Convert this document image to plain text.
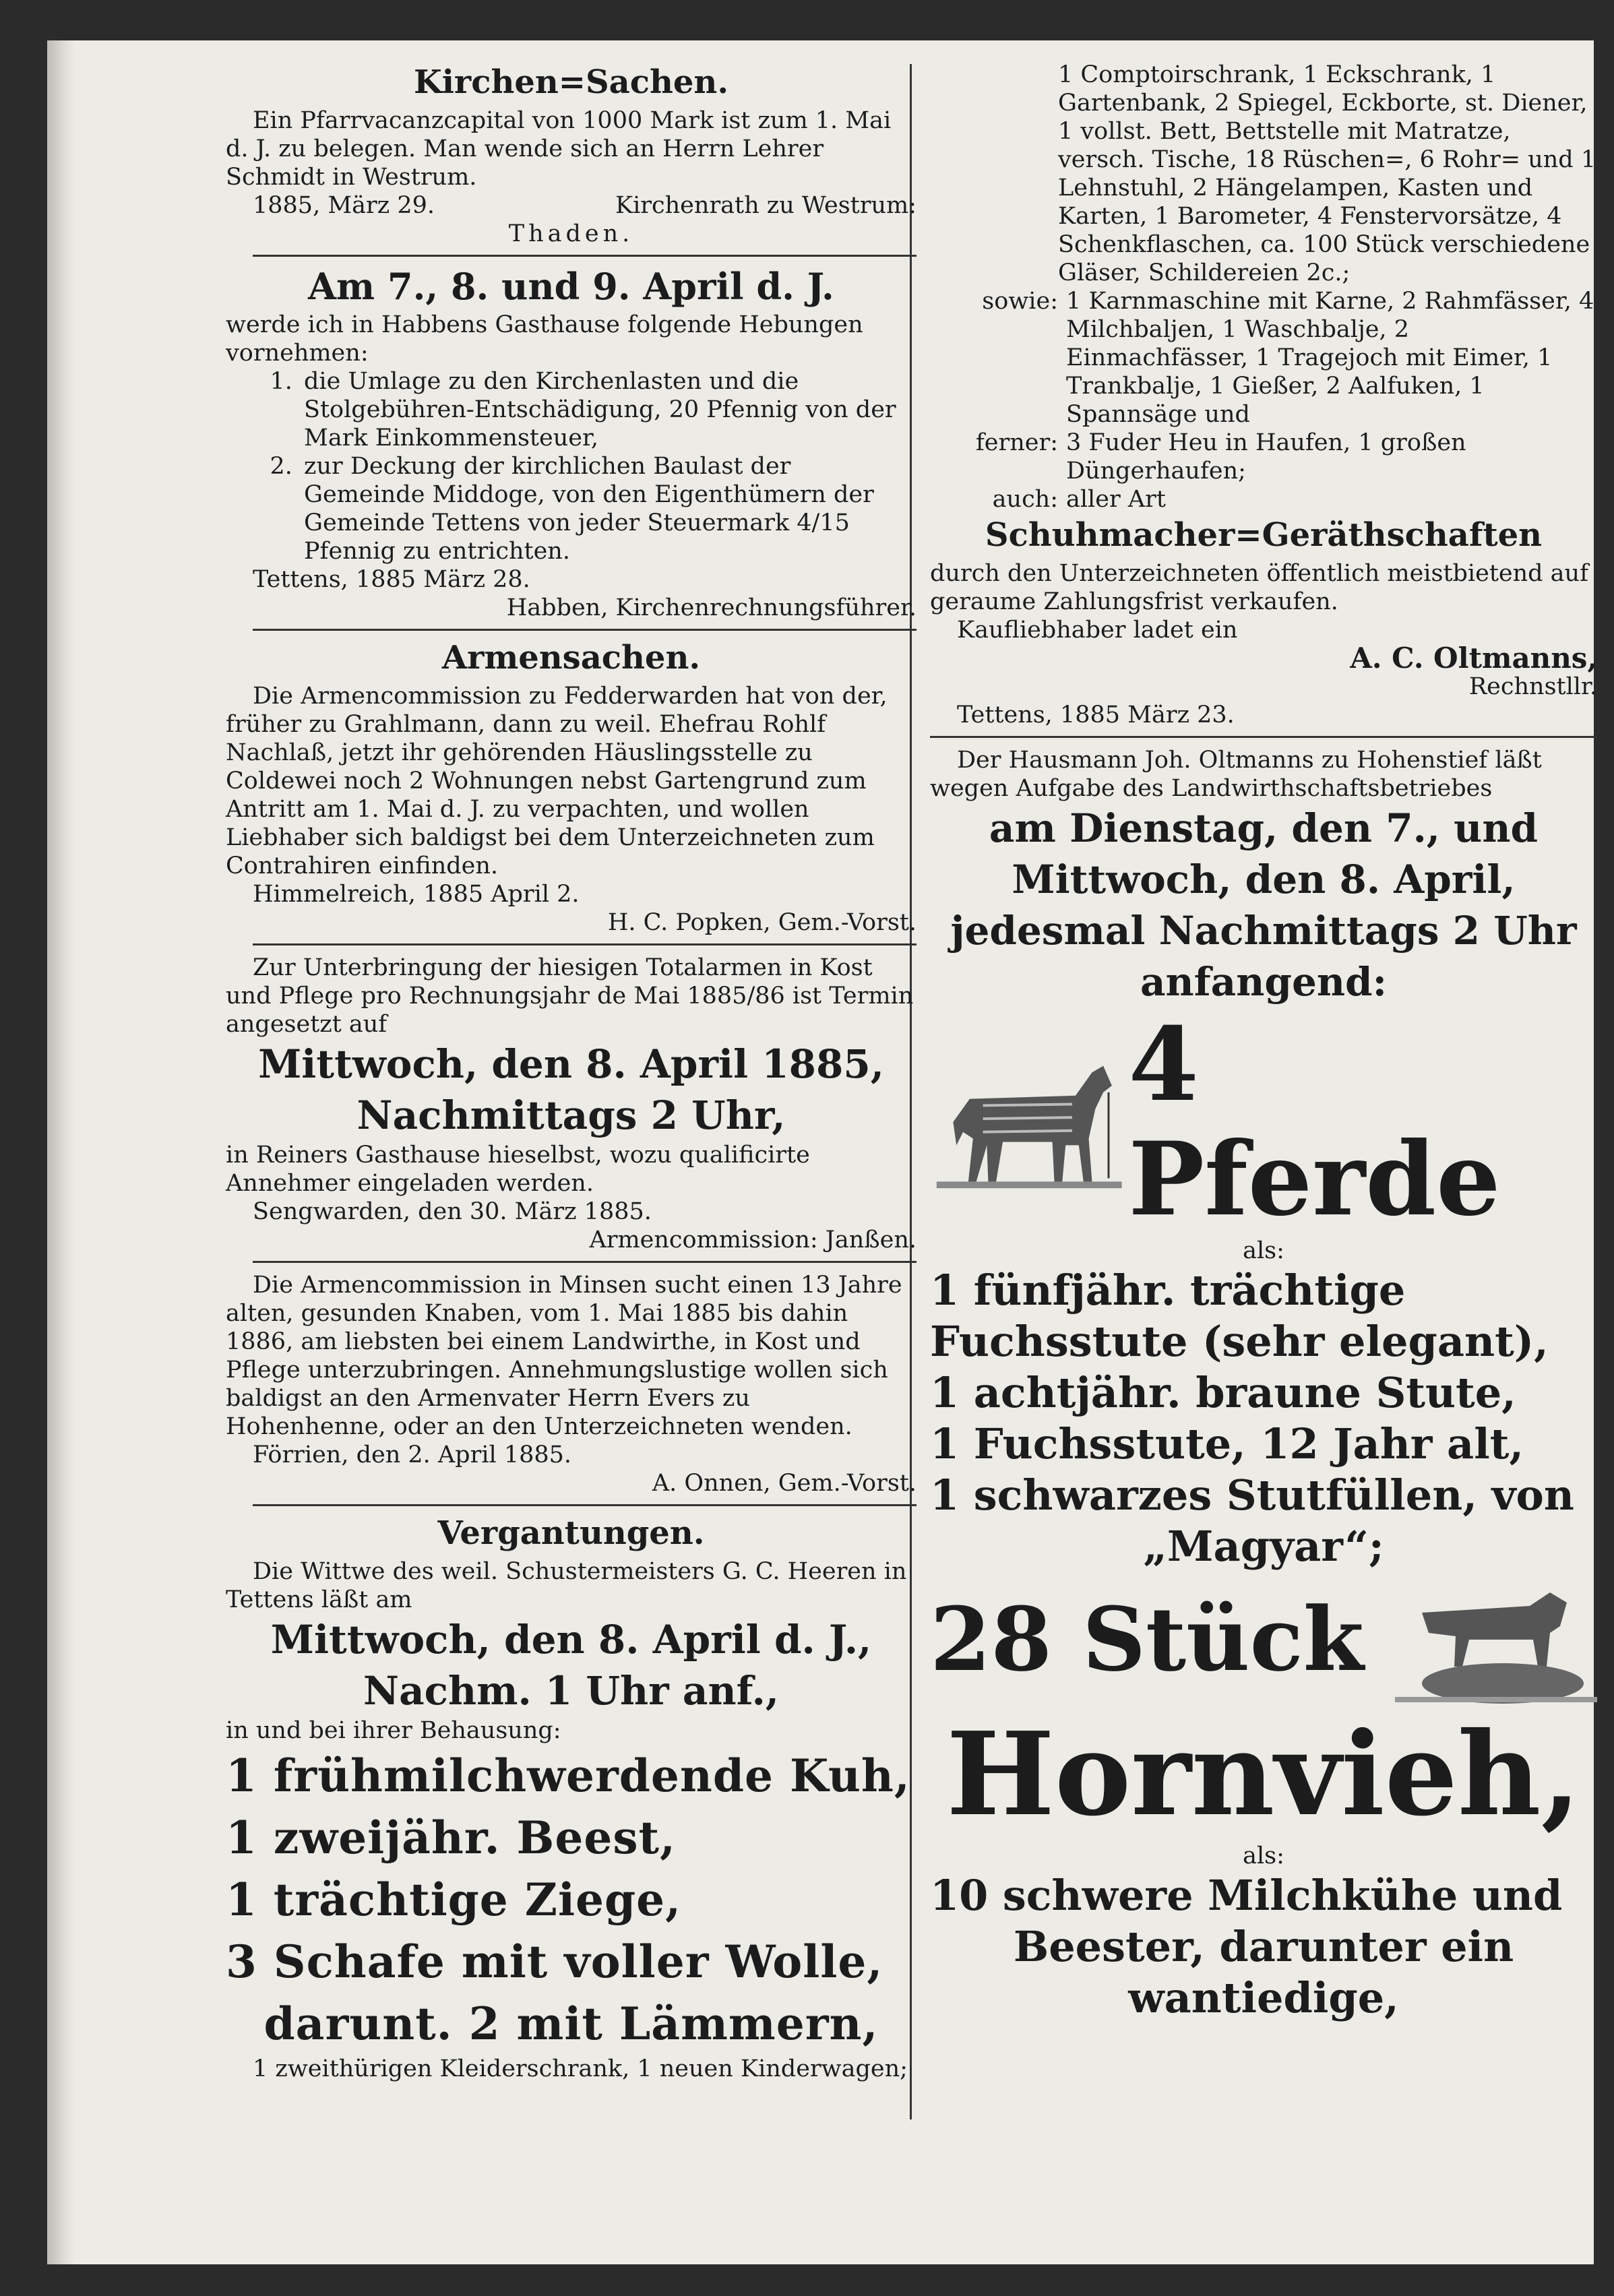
Kirchen=Sachen.

Ein Pfarrvacanzcapital von 1000 Mark ist zum 1. Mai d. J. zu belegen. Man wende sich an Herrn Lehrer Schmidt in Westrum.

1885, März 29.	Kirchenrath zu Westrum:

Thaden.

Am 7., 8. und 9. April d. J.

werde ich in Habbens Gasthause folgende Hebungen vornehmen:

1. die Umlage zu den Kirchenlasten und die Stolgebühren-Entschädigung, 20 Pfennig von der Mark Einkommensteuer,
2. zur Deckung der kirchlichen Baulast der Gemeinde Middoge, von den Eigenthümern der Gemeinde Tettens von jeder Steuermark 4/15 Pfennig zu entrichten.

Tettens, 1885 März 28.

Habben, Kirchenrechnungsführer.

Armensachen.

Die Armencommission zu Fedderwarden hat von der, früher zu Grahlmann, dann zu weil. Ehefrau Rohlf Nachlaß, jetzt ihr gehörenden Häuslingsstelle zu Coldewei noch 2 Wohnungen nebst Gartengrund zum Antritt am 1. Mai d. J. zu verpachten, und wollen Liebhaber sich baldigst bei dem Unterzeichneten zum Contrahiren einfinden.

Himmelreich, 1885 April 2.

H. C. Popken, Gem.-Vorst.

Zur Unterbringung der hiesigen Totalarmen in Kost und Pflege pro Rechnungsjahr de Mai 1885/86 ist Termin angesetzt auf

Mittwoch, den 8. April 1885,
Nachmittags 2 Uhr,

in Reiners Gasthause hieselbst, wozu qualificirte Annehmer eingeladen werden.

Sengwarden, den 30. März 1885.

Armencommission: Janßen.

Die Armencommission in Minsen sucht einen 13 Jahre alten, gesunden Knaben, vom 1. Mai 1885 bis dahin 1886, am liebsten bei einem Landwirthe, in Kost und Pflege unterzubringen. Annehmungslustige wollen sich baldigst an den Armenvater Herrn Evers zu Hohenhenne, oder an den Unterzeichneten wenden.

Förrien, den 2. April 1885.

A. Onnen, Gem.-Vorst.

Vergantungen.

Die Wittwe des weil. Schustermeisters G. C. Heeren in Tettens läßt am

Mittwoch, den 8. April d. J.,
Nachm. 1 Uhr anf.,

in und bei ihrer Behausung:

1 frühmilchwerdende Kuh,
1 zweijähr. Beest,
1 trächtige Ziege,
3 Schafe mit voller Wolle,
darunt. 2 mit Lämmern,

1 zweithürigen Kleiderschrank, 1 neuen Kinderwagen;

1 Comptoirschrank, 1 Eckschrank, 1 Gartenbank, 2 Spiegel, Eckborte, st. Diener, 1 vollst. Bett, Bettstelle mit Matratze, versch. Tische, 18 Rüschen=, 6 Rohr= und 1 Lehnstuhl, 2 Hängelampen, Kasten und Karten, 1 Barometer, 4 Fenstervorsätze, 4 Schenkflaschen, ca. 100 Stück verschiedene Gläser, Schildereien 2c.;

sowie: 1 Karnmaschine mit Karne, 2 Rahmfässer, 4 Milchbaljen, 1 Waschbalje, 2 Einmachfässer, 1 Tragejoch mit Eimer, 1 Trankbalje, 1 Gießer, 2 Aalfuken, 1 Spannsäge und
ferner: 3 Fuder Heu in Haufen, 1 großen Düngerhaufen;
auch: aller Art
Schuhmacher=Geräthschaften

durch den Unterzeichneten öffentlich meistbietend auf geraume Zahlungsfrist verkaufen.

Kaufliebhaber ladet ein

A. C. Oltmanns,

Rechnstllr.

Tettens, 1885 März 23.

Der Hausmann Joh. Oltmanns zu Hohenstief läßt wegen Aufgabe des Landwirthschaftsbetriebes

am Dienstag, den 7., und Mittwoch, den 8. April,
jedesmal Nachmittags 2 Uhr anfangend:
4 Pferde

als:

1 fünfjähr. trächtige Fuchsstute (sehr elegant),
1 achtjähr. braune Stute,
1 Fuchsstute, 12 Jahr alt,
1 schwarzes Stutfüllen, von
„Magyar“;
28 Stück
Hornvieh,

als:

10 schwere Milchkühe und
Beester, darunter ein
wantiedige,
